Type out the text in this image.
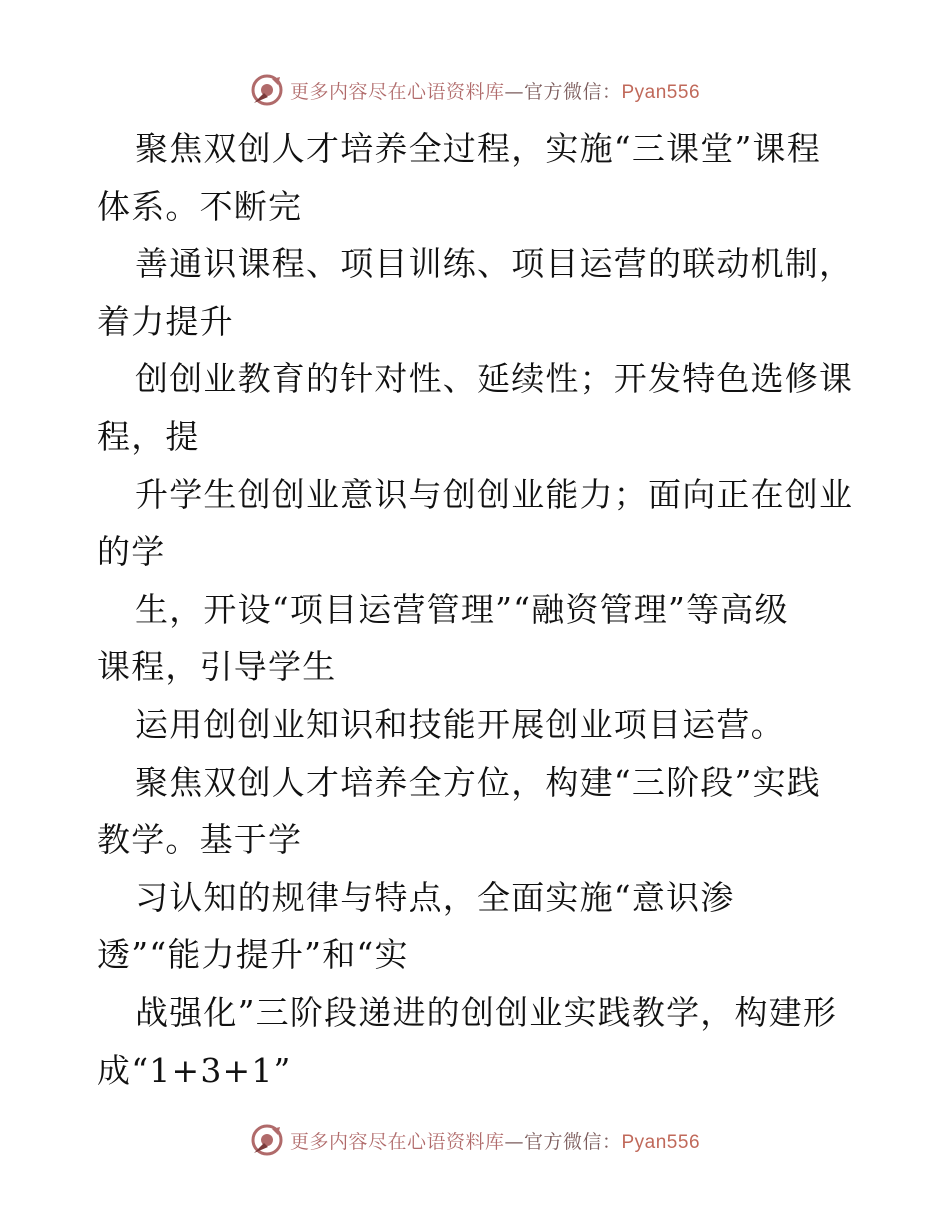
更多内容尽在心语资料库—官方微信：Pyan556
聚焦双创人才培养全过程，实施“三课堂”课程
体系。不断完
善通识课程、项目训练、项目运营的联动机制，
着力提升
创创业教育的针对性、延续性；开发特色选修课
程，提
升学生创创业意识与创创业能力；面向正在创业
的学
生，开设“项目运营管理”“融资管理”等高级
课程，引导学生
运用创创业知识和技能开展创业项目运营。
聚焦双创人才培养全方位，构建“三阶段”实践
教学。基于学
习认知的规律与特点，全面实施“意识渗
透”“能力提升”和“实
战强化”三阶段递进的创创业实践教学，构建形
成“1+3+1”
更多内容尽在心语资料库—官方微信：Pyan556
